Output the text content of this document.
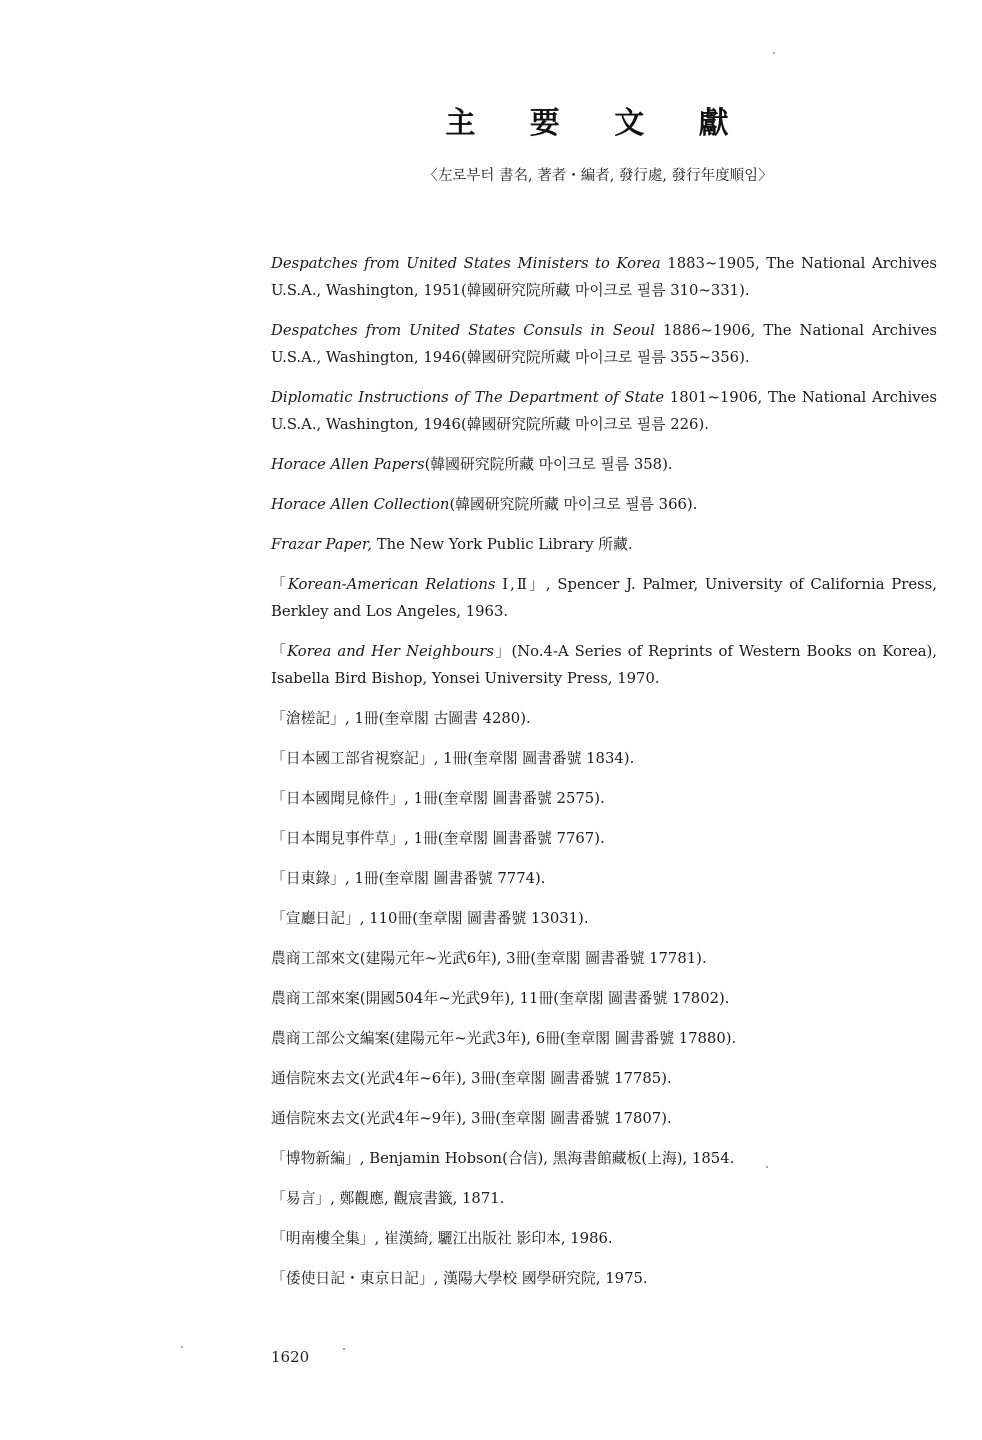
主 要 文 獻
〈左로부터 書名, 著者・編者, 發行處, 發行年度順임〉
Despatches from United States Ministers to Korea 1883~1905, The National Archives U.S.A., Washington, 1951(韓國研究院所藏 마이크로 필름 310~331).
Despatches from United States Consuls in Seoul 1886~1906, The National Archives U.S.A., Washington, 1946(韓國研究院所藏 마이크로 필름 355~356).
Diplomatic Instructions of The Department of State 1801~1906, The National Archives U.S.A., Washington, 1946(韓國研究院所藏 마이크로 필름 226).
Horace Allen Papers(韓國研究院所藏 마이크로 필름 358).
Horace Allen Collection(韓國研究院所藏 마이크로 필름 366).
Frazar Paper, The New York Public Library 所藏.
「Korean-American Relations Ⅰ,Ⅱ」, Spencer J. Palmer, University of California Press, Berkley and Los Angeles, 1963.
「Korea and Her Neighbours」(No.4-A Series of Reprints of Western Books on Korea), Isabella Bird Bishop, Yonsei University Press, 1970.
「滄槎記」, 1冊(奎章閣 古圖書 4280).
「日本國工部省視察記」, 1冊(奎章閣 圖書番號 1834).
「日本國聞見條件」, 1冊(奎章閣 圖書番號 2575).
「日本聞見事件草」, 1冊(奎章閣 圖書番號 7767).
「日東錄」, 1冊(奎章閣 圖書番號 7774).
「宣廳日記」, 110冊(奎章閣 圖書番號 13031).
農商工部來文(建陽元年~光武6年), 3冊(奎章閣 圖書番號 17781).
農商工部來案(開國504年~光武9年), 11冊(奎章閣 圖書番號 17802).
農商工部公文編案(建陽元年~光武3年), 6冊(奎章閣 圖書番號 17880).
通信院來去文(光武4年~6年), 3冊(奎章閣 圖書番號 17785).
通信院來去文(光武4年~9年), 3冊(奎章閣 圖書番號 17807).
「博物新編」, Benjamin Hobson(合信), 黑海書館藏板(上海), 1854.
「易言」, 鄭觀應, 觀宸書籤, 1871.
「明南樓全集」, 崔漢綺, 驪江出版社 影印本, 1986.
「倭使日記・東京日記」, 漢陽大學校 國學研究院, 1975.
1620
